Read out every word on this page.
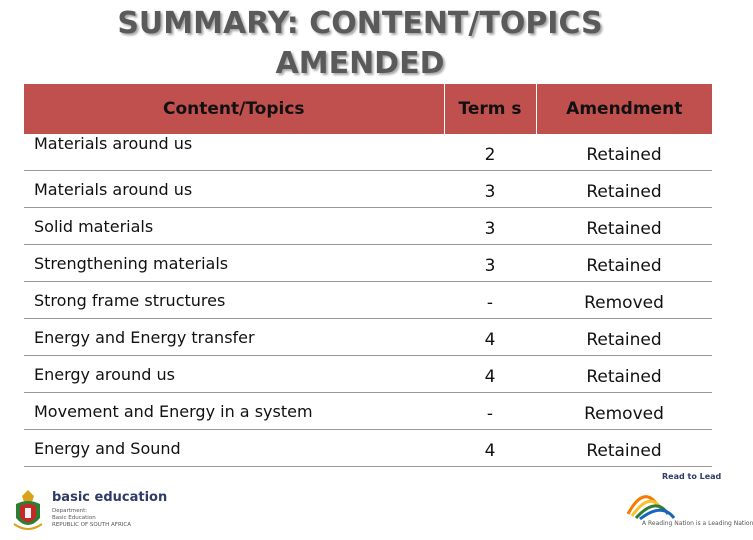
SUMMARY: CONTENT/TOPICS
AMENDED
Content/Topics	Term s	Amendment
Materials around us	2	Retained
Materials around us	3	Retained
Solid materials	3	Retained
Strengthening materials	3	Retained
Strong frame structures	-	Removed
Energy and Energy transfer	4	Retained
Energy around us	4	Retained
Movement and Energy in a system	-	Removed
Energy and Sound	4	Retained
basic education
Department:
Basic Education
REPUBLIC OF SOUTH AFRICA
Read to Lead
A Reading Nation is a Leading Nation
